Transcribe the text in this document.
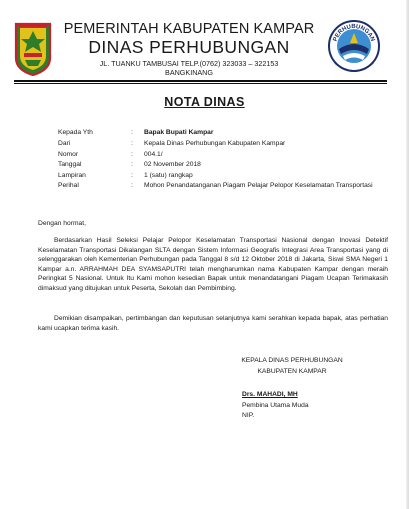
PEMERINTAH KABUPATEN KAMPAR
DINAS PERHUBUNGAN
JL. TUANKU TAMBUSAI TELP.(0762) 323033 – 322153
BANGKINANG
PERHUBUNGAN
NOTA DINAS
Kepada Yth	: Bapak Bupati Kampar
Dari	: Kepala Dinas Perhubungan Kabupaten Kampar
Nomor	: 004.1/
Tanggal	: 02 November 2018
Lampiran	: 1 (satu) rangkap
Perihal	: Mohon Penandatanganan Piagam Pelajar Pelopor Keselamatan Transportasi
Dengan hormat,
Berdasarkan Hasil Seleksi Pelajar Pelopor Keselamatan Transportasi Nasional dengan Inovasi Detektif Keselamatan Transportasi Dikalangan SLTA dengan Sistem Informasi Geografis Integrasi Area Transportasi yang di selenggarakan oleh Kementerian Perhubungan pada Tanggal 8 s/d 12 Oktober 2018 di Jakarta, Siswi SMA Negeri 1 Kampar a.n. ARRAHMAH DEA SYAMSAPUTRI telah mengharumkan nama Kabupaten Kampar dengan meraih Peringkat 5 Nasional. Untuk Itu Kami mohon kesedian Bapak untuk menandatangani Piagam Ucapan Terimakasih dimaksud yang ditujukan untuk Peserta, Sekolah dan Pembimbing.
Demikian disampaikan, pertimbangan dan keputusan selanjutnya kami serahkan kepada bapak, atas perhatian kami ucapkan terima kasih.
KEPALA DINAS PERHUBUNGAN
KABUPATEN KAMPAR
Drs. MAHADI, MH
Pembina Utama Muda
NIP.
